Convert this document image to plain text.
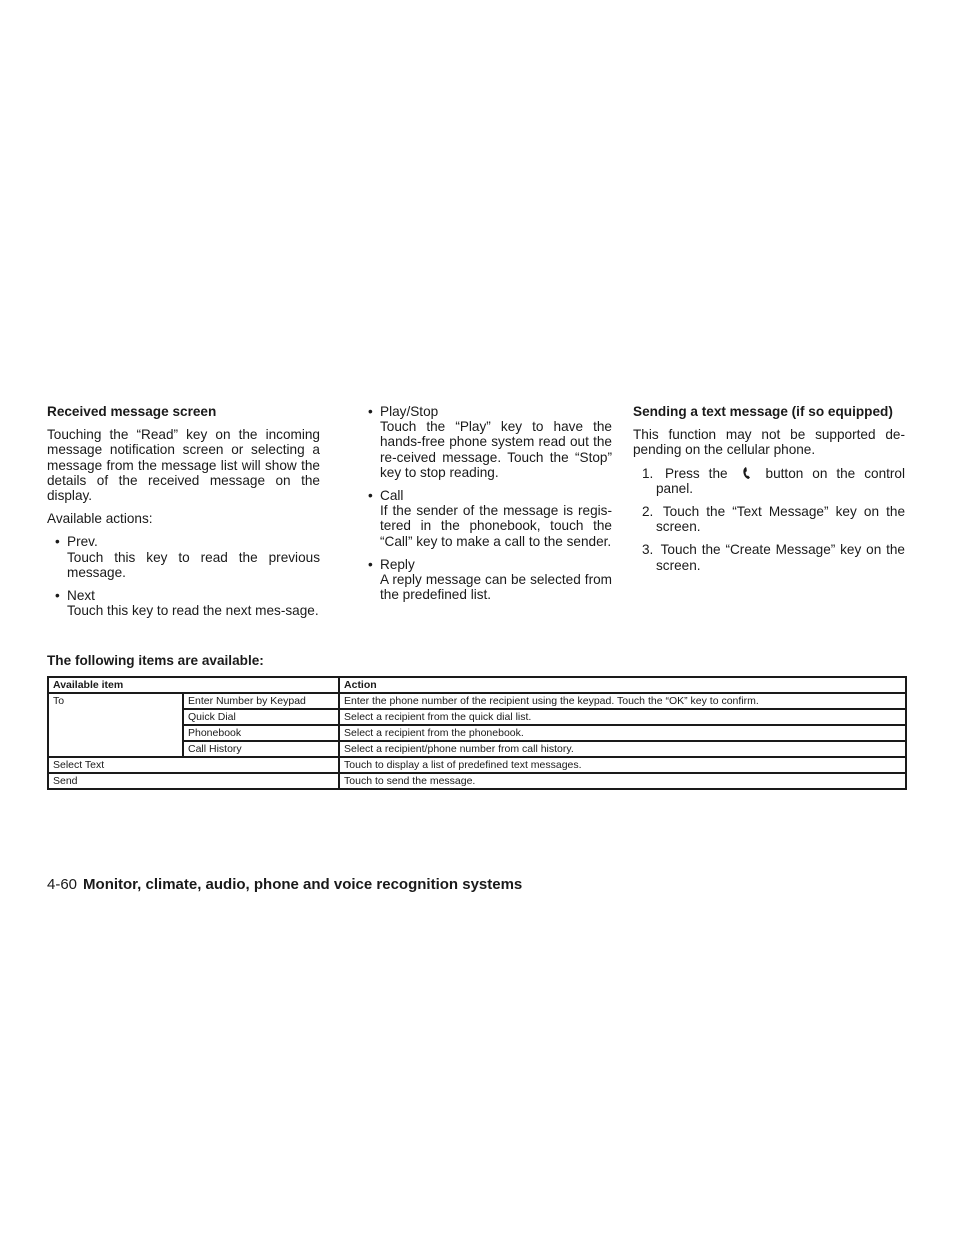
Received message screen

Touching the “Read” key on the incoming message notification screen or selecting a message from the message list will show the details of the received message on the display.

Available actions:

• Prev.
Touch this key to read the previous message.
• Next
Touch this key to read the next mes-sage.
• Play/Stop
Touch the “Play” key to have the hands-free phone system read out the re-ceived message. Touch the “Stop” key to stop reading.
• Call
If the sender of the message is regis-tered in the phonebook, touch the “Call” key to make a call to the sender.
• Reply
A reply message can be selected from the predefined list.
Sending a text message (if so equipped)

This function may not be supported de-pending on the cellular phone.

1. Press the	button on the control panel.
2. Touch the “Text Message” key on the screen.
3. Touch the “Create Message” key on the screen.
The following items are available:
Available item		Action
To	Enter Number by Keypad	Enter the phone number of the recipient using the keypad. Touch the “OK” key to confirm.
	Quick Dial	Select a recipient from the quick dial list.
	Phonebook	Select a recipient from the phonebook.
	Call History	Select a recipient/phone number from call history.
Select Text		Touch to display a list of predefined text messages.
Send		Touch to send the message.
4-60 Monitor, climate, audio, phone and voice recognition systems
